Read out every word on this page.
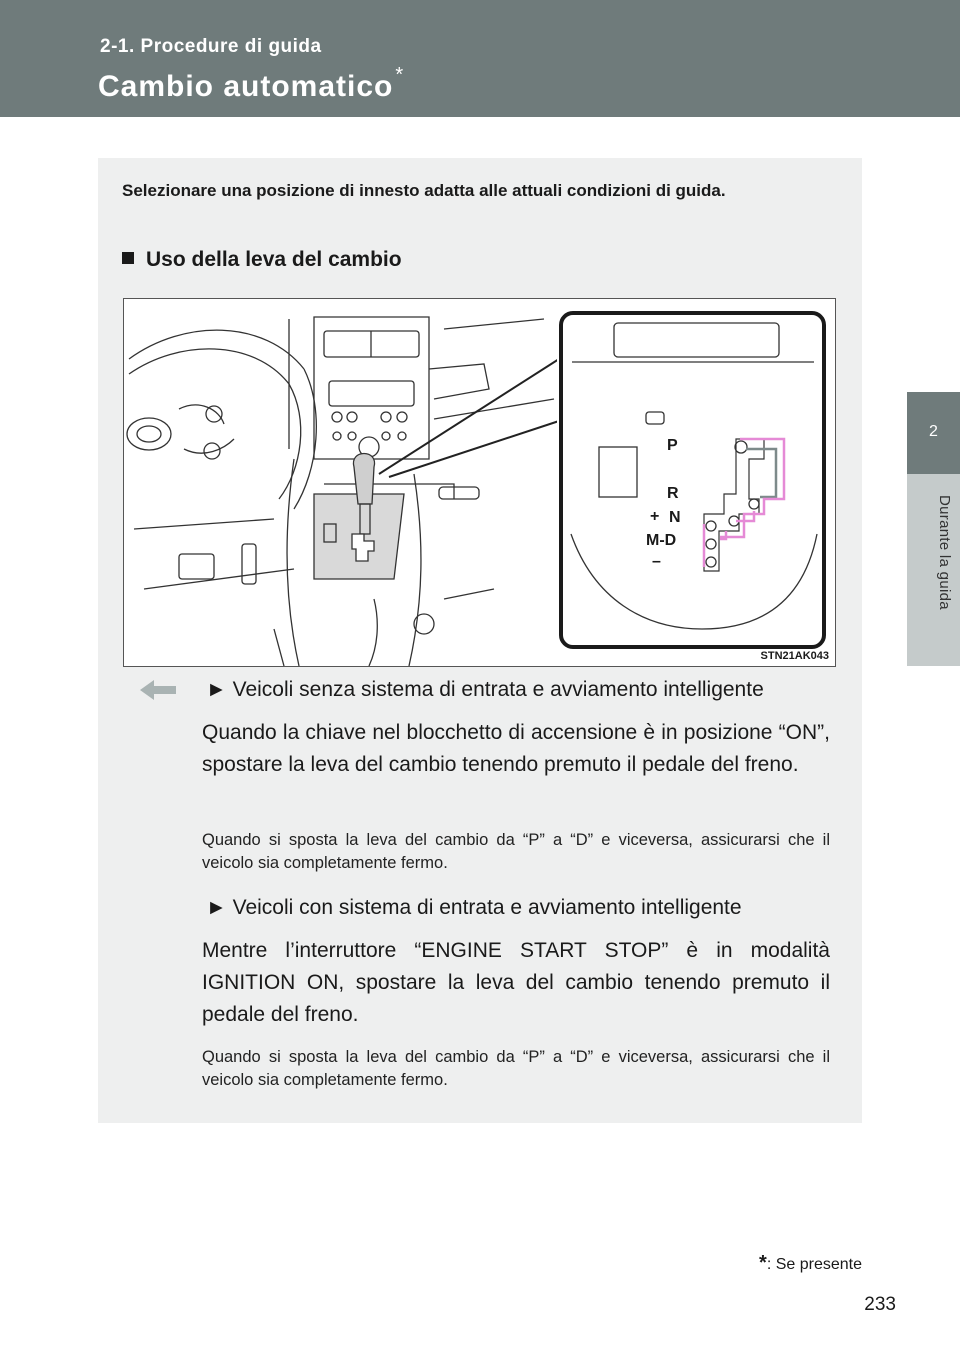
2-1. Procedure di guida
Cambio automatico *
2
Durante la guida
Selezionare una posizione di innesto adatta alle attuali condizioni di guida.
Uso della leva del cambio
P
R
+ N
M-D
–
STN21AK043
► Veicoli senza sistema di entrata e avviamento intelligente
Quando la chiave nel blocchetto di accensione è in posizione “ON”, spostare la leva del cambio tenendo premuto il pedale del freno.
Quando si sposta la leva del cambio da “P” a “D” e viceversa, assicurarsi che il veicolo sia completamente fermo.
► Veicoli con sistema di entrata e avviamento intelligente
Mentre l’interruttore “ENGINE START STOP” è in modalità IGNITION ON, spostare la leva del cambio tenendo premuto il pedale del freno.
Quando si sposta la leva del cambio da “P” a “D” e viceversa, assicurarsi che il veicolo sia completamente fermo.
*: Se presente
233
